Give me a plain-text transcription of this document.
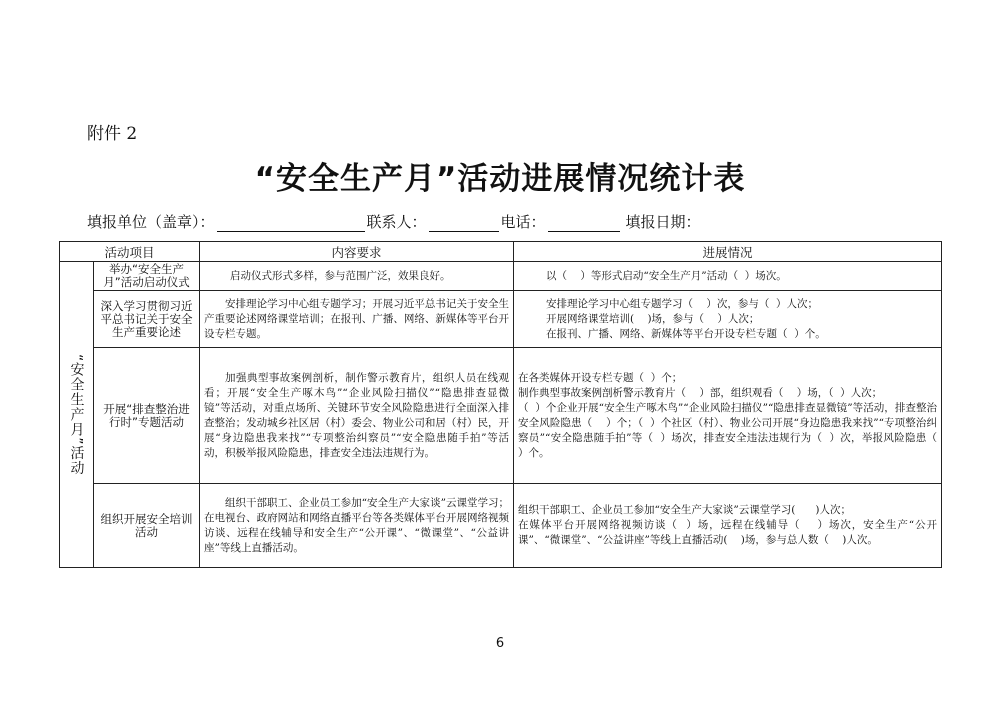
附件 2
“安全生产月”活动进展情况统计表
填报单位（盖章）：	联系人：	电话：	填报日期：
活动项目		内容要求	进展情况

“安全生产月”活动	举办“安全生产月”活动启动仪式	启动仪式形式多样，参与范围广泛，效果良好。	以（    ）等形式启动“安全生产月”活动（  ）场次。
	深入学习贯彻习近平总书记关于安全生产重要论述	安排理论学习中心组专题学习；开展习近平总书记关于安全生产重要论述网络课堂培训；在报刊、广播、网络、新媒体等平台开设专栏专题。	安排理论学习中心组专题学习（    ）次，参与（  ）人次；
开展网络课堂培训(    )场，参与（    ）人次；
在报刊、广播、网络、新媒体等平台开设专栏专题（  ）个。
	开展“排查整治进行时”专题活动	加强典型事故案例剖析，制作警示教育片，组织人员在线观看；开展“安全生产啄木鸟”“企业风险扫描仪”“隐患排查显微镜”等活动，对重点场所、关键环节安全风险隐患进行全面深入排查整治；发动城乡社区居（村）委会、物业公司和居（村）民，开展“身边隐患我来找”“专项整治纠察员”“安全隐患随手拍”等活动，积极举报风险隐患，排查安全违法违规行为。	在各类媒体开设专栏专题（  ）个；
制作典型事故案例剖析警示教育片（    ）部，组织观看（    ）场，（  ）人次；
（  ）个企业开展“安全生产啄木鸟”“企业风险扫描仪”“隐患排查显微镜”等活动，排查整治安全风险隐患（    ）个；（  ）个社区（村）、物业公司开展“身边隐患我来找”“专项整治纠察员”“安全隐患随手拍”等（  ）场次，排查安全违法违规行为（  ）次，举报风险隐患（  ）个。
	组织开展安全培训活动	组织干部职工、企业员工参加“安全生产大家谈”云课堂学习；在电视台、政府网站和网络直播平台等各类媒体平台开展网络视频访谈、远程在线辅导和安全生产“公开课”、“微课堂”、“公益讲座”等线上直播活动。	组织干部职工、企业员工参加“安全生产大家谈”云课堂学习(      )人次；
在媒体平台开展网络视频访谈（  ）场，远程在线辅导（    ）场次，安全生产“公开课”、“微课堂”、“公益讲座”等线上直播活动(    )场，参与总人数（    )人次。
6
